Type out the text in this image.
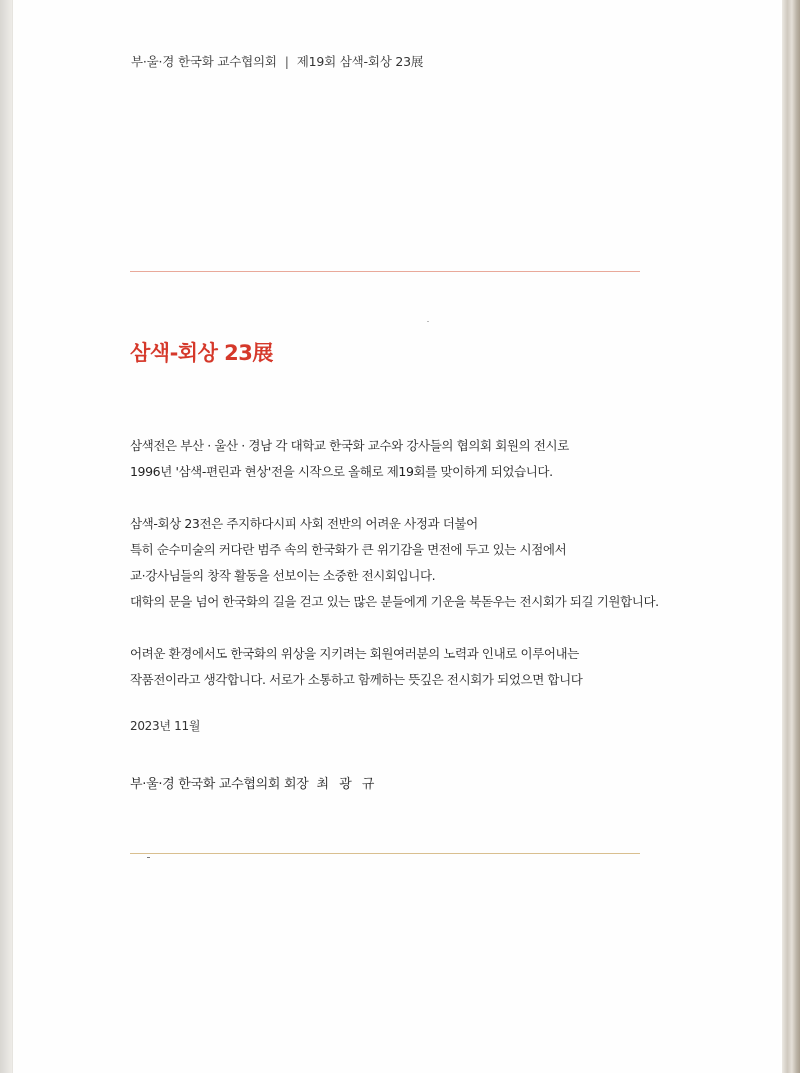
부·울·경 한국화 교수협의회 | 제19회 삼색-회상 23展
삼색-회상 23展
삼색전은 부산 · 울산 · 경남 각 대학교 한국화 교수와 강사들의 협의회 회원의 전시로
1996년 '삼색-편린과 현상'전을 시작으로 올해로 제19회를 맞이하게 되었습니다.
삼색-회상 23전은 주지하다시피 사회 전반의 어려운 사정과 더불어
특히 순수미술의 커다란 범주 속의 한국화가 큰 위기감을 면전에 두고 있는 시점에서
교·강사님들의 창작 활동을 선보이는 소중한 전시회입니다.
대학의 문을 넘어 한국화의 길을 걷고 있는 많은 분들에게 기운을 북돋우는 전시회가 되길 기원합니다.
어려운 환경에서도 한국화의 위상을 지키려는 회원여러분의 노력과 인내로 이루어내는
작품전이라고 생각합니다. 서로가 소통하고 함께하는 뜻깊은 전시회가 되었으면 합니다
2023년 11월
부·울·경 한국화 교수협의회 회장 최 광 규
